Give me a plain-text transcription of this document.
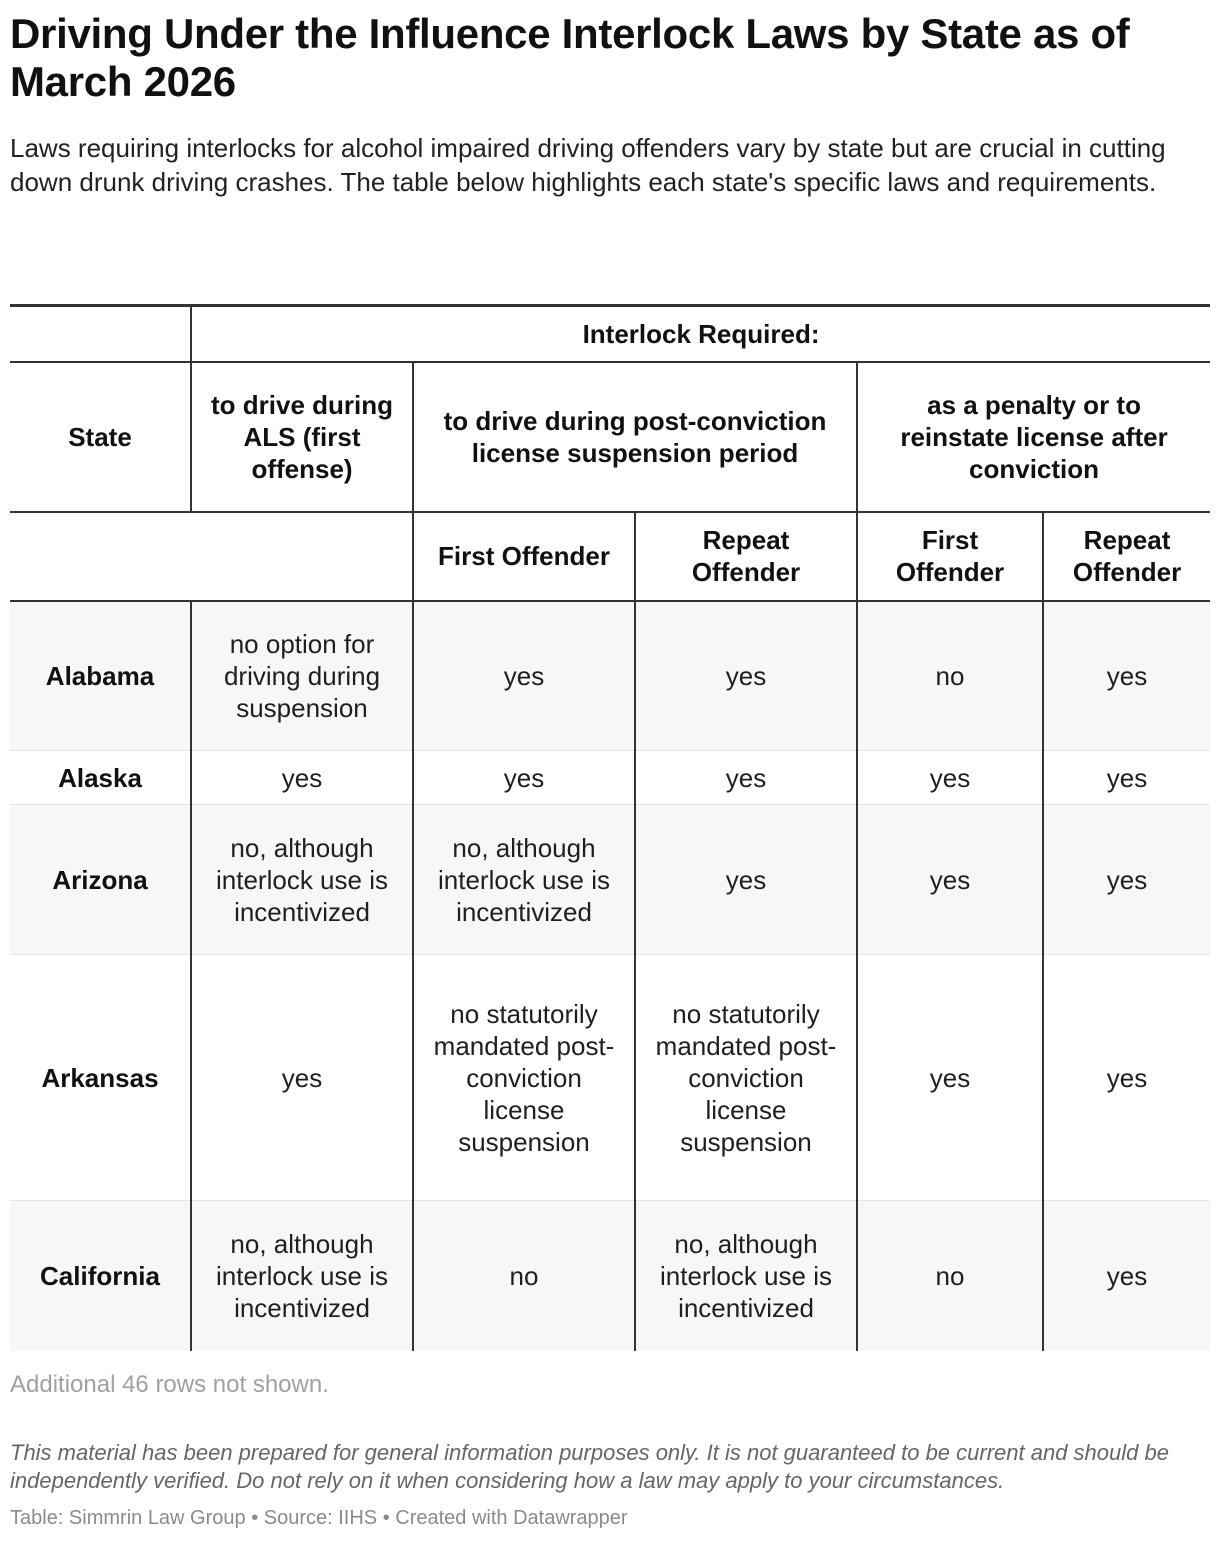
Driving Under the Influence Interlock Laws by State as of March 2026
Laws requiring interlocks for alcohol impaired driving offenders vary by state but are crucial in cutting down drunk driving crashes. The table below highlights each state's specific laws and requirements.
	Interlock Required:				
State	to drive during ALS (first offense)	to drive during post-conviction license suspension period		as a penalty or to reinstate license after conviction	
		First Offender	Repeat Offender	First Offender	Repeat Offender
Alabama	no option for driving during suspension	yes	yes	no	yes
Alaska	yes	yes	yes	yes	yes
Arizona	no, although interlock use is incentivized	no, although interlock use is incentivized	yes	yes	yes
Arkansas	yes	no statutorily mandated post-conviction license suspension	no statutorily mandated post-conviction license suspension	yes	yes
California	no, although interlock use is incentivized	no	no, although interlock use is incentivized	no	yes
Additional 46 rows not shown.
This material has been prepared for general information purposes only. It is not guaranteed to be current and should be independently verified. Do not rely on it when considering how a law may apply to your circumstances.
Table: Simmrin Law Group • Source: IIHS • Created with Datawrapper
